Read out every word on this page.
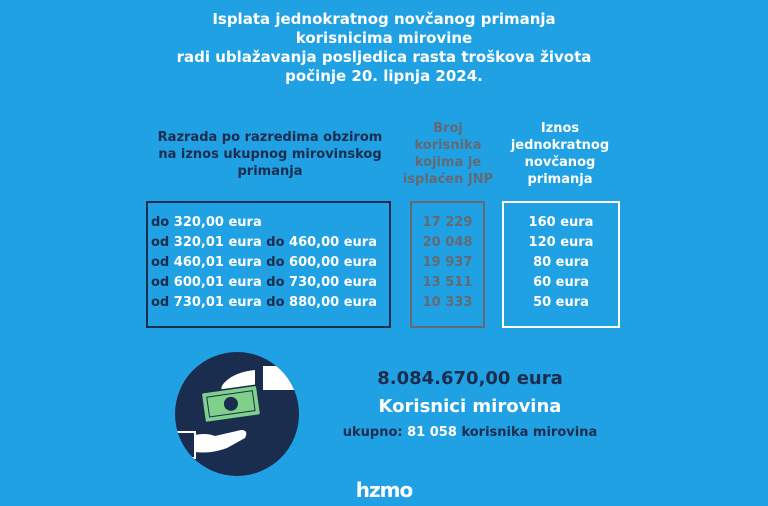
Isplata jednokratnog novčanog primanja
korisnicima mirovine
radi ublažavanja posljedica rasta troškova života
počinje 20. lipnja 2024.
Razrada po razredima obzirom
na iznos ukupnog mirovinskog
primanja
Broj
korisnika
kojima je
isplaćen JNP
Iznos
jednokratnog
novčanog
primanja
do 320,00 eura
od 320,01 eura do 460,00 eura
od 460,01 eura do 600,00 eura
od 600,01 eura do 730,00 eura
od 730,01 eura do 880,00 eura
17 229
20 048
19 937
13 511
10 333
160 eura
120 eura
80 eura
60 eura
50 eura
8.084.670,00 eura
Korisnici mirovina
ukupno: 81 058 korisnika mirovina
hzmo
